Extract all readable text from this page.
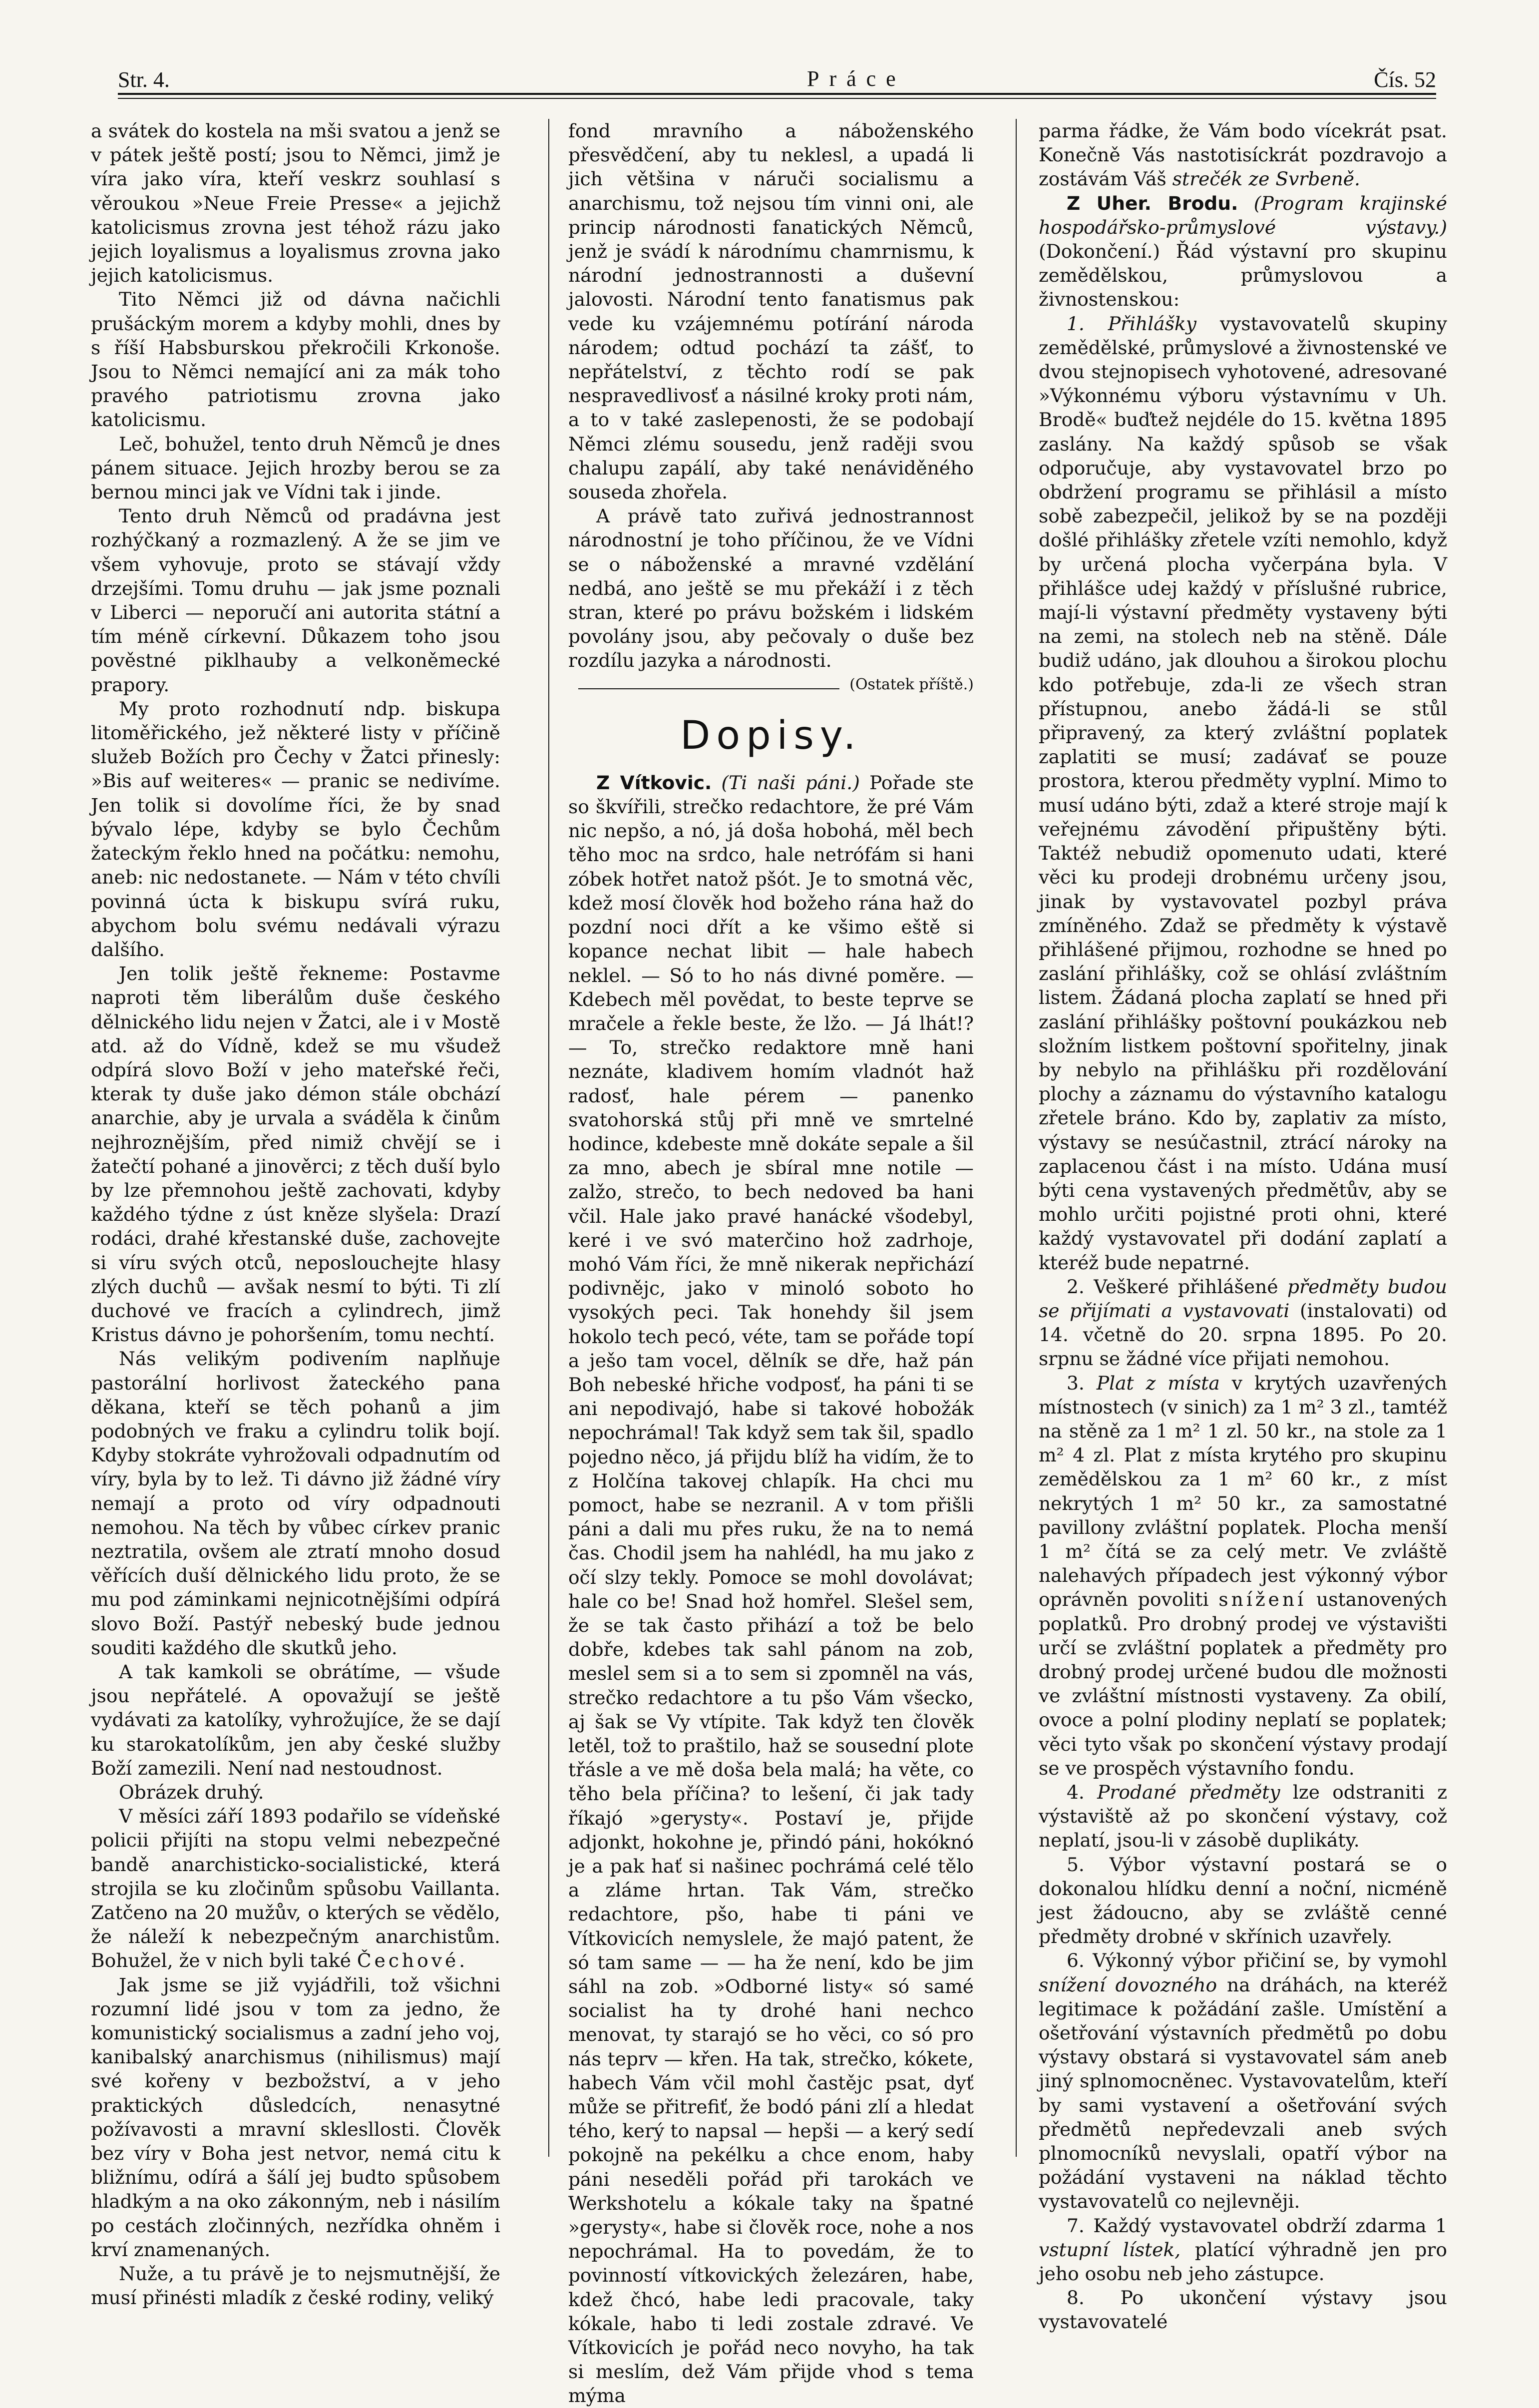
Str. 4.	Práce	Čís. 52

a svátek do kostela na mši svatou a jenž se v pátek ještě postí; jsou to Němci, jimž je víra jako víra, kteří veskrz souhlasí s věroukou »Neue Freie Presse« a jejichž katolicismus zrovna jest téhož rázu jako jejich loyalismus a loyalismus zrovna jako jejich katolicismus.

Tito Němci již od dávna načichli prušáckým morem a kdyby mohli, dnes by s říší Habsburskou překročili Krkonoše. Jsou to Němci nemající ani za mák toho pravého patriotismu zrovna jako katolicismu.

Leč, bohužel, tento druh Němců je dnes pánem situace. Jejich hrozby berou se za bernou minci jak ve Vídni tak i jinde.

Tento druh Němců od pradávna jest rozhýčkaný a rozmazlený. A že se jim ve všem vyhovuje, proto se stávají vždy drzejšími. Tomu druhu — jak jsme poznali v Liberci — neporučí ani autorita státní a tím méně církevní. Důkazem toho jsou pověstné piklhauby a velkoněmecké prapory.

My proto rozhodnutí ndp. biskupa litoměřického, jež některé listy v příčině služeb Božích pro Čechy v Žatci přinesly: »Bis auf weiteres« — pranic se nedivíme. Jen tolik si dovolíme říci, že by snad bývalo lépe, kdyby se bylo Čechům žateckým řeklo hned na počátku: nemohu, aneb: nic nedostanete. — Nám v této chvíli povinná úcta k biskupu svírá ruku, abychom bolu svému nedávali výrazu dalšího.

Jen tolik ještě řekneme: Postavme naproti těm liberálům duše českého dělnického lidu nejen v Žatci, ale i v Mostě atd. až do Vídně, kdež se mu všudež odpírá slovo Boží v jeho mateřské řeči, kterak ty duše jako démon stále obchází anarchie, aby je urvala a sváděla k činům nejhroznějším, před nimiž chvějí se i žatečtí pohané a jinověrci; z těch duší bylo by lze přemnohou ještě zachovati, kdyby každého týdne z úst kněze slyšela: Drazí rodáci, drahé křestanské duše, zachovejte si víru svých otců, neposlouchejte hlasy zlých duchů — avšak nesmí to býti. Ti zlí duchové ve fracích a cylindrech, jimž Kristus dávno je pohoršením, tomu nechtí.

Nás velikým podivením naplňuje pastorální horlivost žateckého pana děkana, kteří se těch pohanů a jim podobných ve fraku a cylindru tolik bojí. Kdyby stokráte vyhrožovali odpadnutím od víry, byla by to lež. Ti dávno již žádné víry nemají a proto od víry odpadnouti nemohou. Na těch by vůbec církev pranic neztratila, ovšem ale ztratí mnoho dosud věřících duší dělnického lidu proto, že se mu pod záminkami nejnicotnějšími odpírá slovo Boží. Pastýř nebeský bude jednou souditi každého dle skutků jeho.

A tak kamkoli se obrátíme, — všude jsou nepřátelé. A opovažují se ještě vydávati za katolíky, vyhrožujíce, že se dají ku starokatolíkům, jen aby české služby Boží zamezili. Není nad nestoudnost.

Obrázek druhý.

V měsíci září 1893 podařilo se vídeňské policii přijíti na stopu velmi nebezpečné bandě anarchisticko-socialistické, která strojila se ku zločinům spůsobu Vaillanta. Zatčeno na 20 mužův, o kterých se vědělo, že náleží k nebezpečným anarchistům. Bohužel, že v nich byli také Čechové.

Jak jsme se již vyjádřili, tož všichni rozumní lidé jsou v tom za jedno, že komunistický socialismus a zadní jeho voj, kanibalský anarchismus (nihilismus) mají své kořeny v bezbožství, a v jeho praktických důsledcích, nenasytné požívavosti a mravní sklesllosti. Člověk bez víry v Boha jest netvor, nemá citu k bližnímu, odírá a šálí jej budto spůsobem hladkým a na oko zákonným, neb i násilím po cestách zločinných, nezřídka ohněm i krví znamenaných.

Nuže, a tu právě je to nejsmutnější, že musí přinésti mladík z české rodiny, veliký

fond mravního a náboženského přesvědčení, aby tu neklesl, a upadá li jich většina v náruči socialismu a anarchismu, tož nejsou tím vinni oni, ale princip národnosti fanatických Němců, jenž je svádí k národnímu chamrnismu, k národní jednostrannosti a duševní jalovosti. Národní tento fanatismus pak vede ku vzájemnému potírání národa národem; odtud pochází ta zášť, to nepřátelství, z těchto rodí se pak nespravedlivosť a násilné kroky proti nám, a to v také zaslepenosti, že se podobají Němci zlému sousedu, jenž raději svou chalupu zapálí, aby také nenáviděného souseda zhořela.

A právě tato zuřivá jednostrannost národnostní je toho příčinou, že ve Vídni se o náboženské a mravné vzdělání nedbá, ano ještě se mu překáží i z těch stran, které po právu božském i lidském povolány jsou, aby pečovaly o duše bez rozdílu jazyka a národnosti.

(Ostatek příště.)
Dopisy.

Z Vítkovic. (Ti naši páni.) Pořade ste so škvířili, strečko redachtore, že pré Vám nic nepšo, a nó, já doša hobohá, měl bech těho moc na srdco, hale netrófám si hani zóbek hotřet natož pšót. Je to smotná věc, kdež mosí člověk hod božeho rána haž do pozdní noci dřít a ke všimo eště si kopance nechat libit — hale habech neklel. — Só to ho nás divné poměre. — Kdebech měl povědat, to beste teprve se mračele a řekle beste, že lžo. — Já lhát!? — To, strečko redaktore mně hani neznáte, kladivem homím vladnót haž radosť, hale pérem — panenko svatohorská stůj při mně ve smrtelné hodince, kdebeste mně dokáte sepale a šil za mno, abech je sbíral mne notile — zalžo, strečo, to bech nedoved ba hani včil. Hale jako pravé hanácké všodebyl, keré i ve svó materčino hož zadrhoje, mohó Vám říci, že mně nikerak nepřichází podivnějc, jako v minoló soboto ho vysokých peci. Tak honehdy šil jsem hokolo tech pecó, véte, tam se pořáde topí a ješo tam vocel, dělník se dře, haž pán Boh nebeské hřiche vodposť, ha páni ti se ani nepodivajó, habe si takové hobožák nepochrámal! Tak když sem tak šil, spadlo pojedno něco, já přijdu blíž ha vidím, že to z Holčína takovej chlapík. Ha chci mu pomoct, habe se nezranil. A v tom přišli páni a dali mu přes ruku, že na to nemá čas. Chodil jsem ha nahlédl, ha mu jako z očí slzy tekly. Pomoce se mohl dovolávat; hale co be! Snad hož homřel. Slešel sem, že se tak často přihází a tož be belo dobře, kdebes tak sahl pánom na zob, meslel sem si a to sem si zpomněl na vás, strečko redachtore a tu pšo Vám všecko, aj šak se Vy vtípite. Tak když ten člověk letěl, tož to praštilo, haž se sousední plote třásle a ve mě doša bela malá; ha věte, co těho bela příčina? to lešení, či jak tady říkajó »gerysty«. Postaví je, přijde adjonkt, hokohne je, přindó páni, hokóknó je a pak hať si našinec pochrámá celé tělo a zláme hrtan. Tak Vám, strečko redachtore, pšo, habe ti páni ve Vítkovicích nemyslele, že majó patent, že só tam same — — ha že není, kdo be jim sáhl na zob. »Odborné listy« só samé socialist ha ty drohé hani nechco menovat, ty starajó se ho věci, co só pro nás teprv — křen. Ha tak, strečko, kókete, habech Vám včil mohl častějc psat, dyť může se přitrefiť, že bodó páni zlí a hledat tého, kerý to napsal — hepši — a kerý sedí pokojně na pekélku a chce enom, haby páni neseděli pořád při tarokách ve Werkshotelu a kókale taky na špatné »gerysty«, habe si člověk roce, nohe a nos nepochrámal. Ha to povedám, že to povinností vítkovických železáren, habe, kdež čhcó, habe ledi pracovale, taky kókale, habo ti ledi zostale zdravé. Ve Vítkovicích je pořád neco novyho, ha tak si meslím, dež Vám přijde vhod s tema mýma

parma řádke, že Vám bodo vícekrát psat. Konečně Vás nastotisíckrát pozdravojo a zostávám Váš strečék ze Svrbeně.

Z Uher. Brodu. (Program krajinské hospodářsko-průmyslové výstavy.) (Dokončení.) Řád výstavní pro skupinu zemědělskou, průmyslovou a živnostenskou:

1. Přihlášky vystavovatelů skupiny zemědělské, průmyslové a živnostenské ve dvou stejnopisech vyhotovené, adresované »Výkonnému výboru výstavnímu v Uh. Brodě« buďtež nejdéle do 15. května 1895 zaslány. Na každý spůsob se však odporučuje, aby vystavovatel brzo po obdržení programu se přihlásil a místo sobě zabezpečil, jelikož by se na později došlé přihlášky zřetele vzíti nemohlo, když by určená plocha vyčerpána byla. V přihlášce udej každý v příslušné rubrice, mají-li výstavní předměty vystaveny býti na zemi, na stolech neb na stěně. Dále budiž udáno, jak dlouhou a širokou plochu kdo potřebuje, zda-li ze všech stran přístupnou, anebo žádá-li se stůl připravený, za který zvláštní poplatek zaplatiti se musí; zadávať se pouze prostora, kterou předměty vyplní. Mimo to musí udáno býti, zdaž a které stroje mají k veřejnému závodění připuštěny býti. Taktéž nebudiž opomenuto udati, které věci ku prodeji drobnému určeny jsou, jinak by vystavovatel pozbyl práva zmíněného. Zdaž se předměty k výstavě přihlášené přijmou, rozhodne se hned po zaslání přihlášky, což se ohlásí zvláštním listem. Žádaná plocha zaplatí se hned při zaslání přihlášky poštovní poukázkou neb složním listkem poštovní spořitelny, jinak by nebylo na přihlášku při rozdělování plochy a záznamu do výstavního katalogu zřetele bráno. Kdo by, zaplativ za místo, výstavy se nesúčastnil, ztrácí nároky na zaplacenou část i na místo. Udána musí býti cena vystavených předmětův, aby se mohlo určiti pojistné proti ohni, které každý vystavovatel při dodání zaplatí a kteréž bude nepatrné.

2. Veškeré přihlášené předměty budou se přijímati a vystavovati (instalovati) od 14. včetně do 20. srpna 1895. Po 20. srpnu se žádné více přijati nemohou.

3. Plat z místa v krytých uzavřených místnostech (v sinich) za 1 m² 3 zl., tamtéž na stěně za 1 m² 1 zl. 50 kr., na stole za 1 m² 4 zl. Plat z místa krytého pro skupinu zemědělskou za 1 m² 60 kr., z míst nekrytých 1 m² 50 kr., za samostatné pavillony zvláštní poplatek. Plocha menší 1 m² čítá se za celý metr. Ve zvláště nalehavých případech jest výkonný výbor oprávněn povoliti snížení ustanovených poplatků. Pro drobný prodej ve výstavišti určí se zvláštní poplatek a předměty pro drobný prodej určené budou dle možnosti ve zvláštní místnosti vystaveny. Za obilí, ovoce a polní plodiny neplatí se poplatek; věci tyto však po skončení výstavy prodají se ve prospěch výstavního fondu.

4. Prodané předměty lze odstraniti z výstaviště až po skončení výstavy, což neplatí, jsou-li v zásobě duplikáty.

5. Výbor výstavní postará se o dokonalou hlídku denní a noční, nicméně jest žádoucno, aby se zvláště cenné předměty drobné v skřínich uzavřely.

6. Výkonný výbor přičiní se, by vymohl snížení dovozného na dráhách, na kteréž legitimace k požádání zašle. Umístění a ošetřování výstavních předmětů po dobu výstavy obstará si vystavovatel sám aneb jiný splnomocněnec. Vystavovatelům, kteří by sami vystavení a ošetřování svých předmětů nepředevzali aneb svých plnomocníků nevyslali, opatří výbor na požádání vystaveni na náklad těchto vystavovatelů co nejlevněji.

7. Každý vystavovatel obdrží zdarma 1 vstupní lístek, platící výhradně jen pro jeho osobu neb jeho zástupce.

8. Po ukončení výstavy jsou vystavovatelé
